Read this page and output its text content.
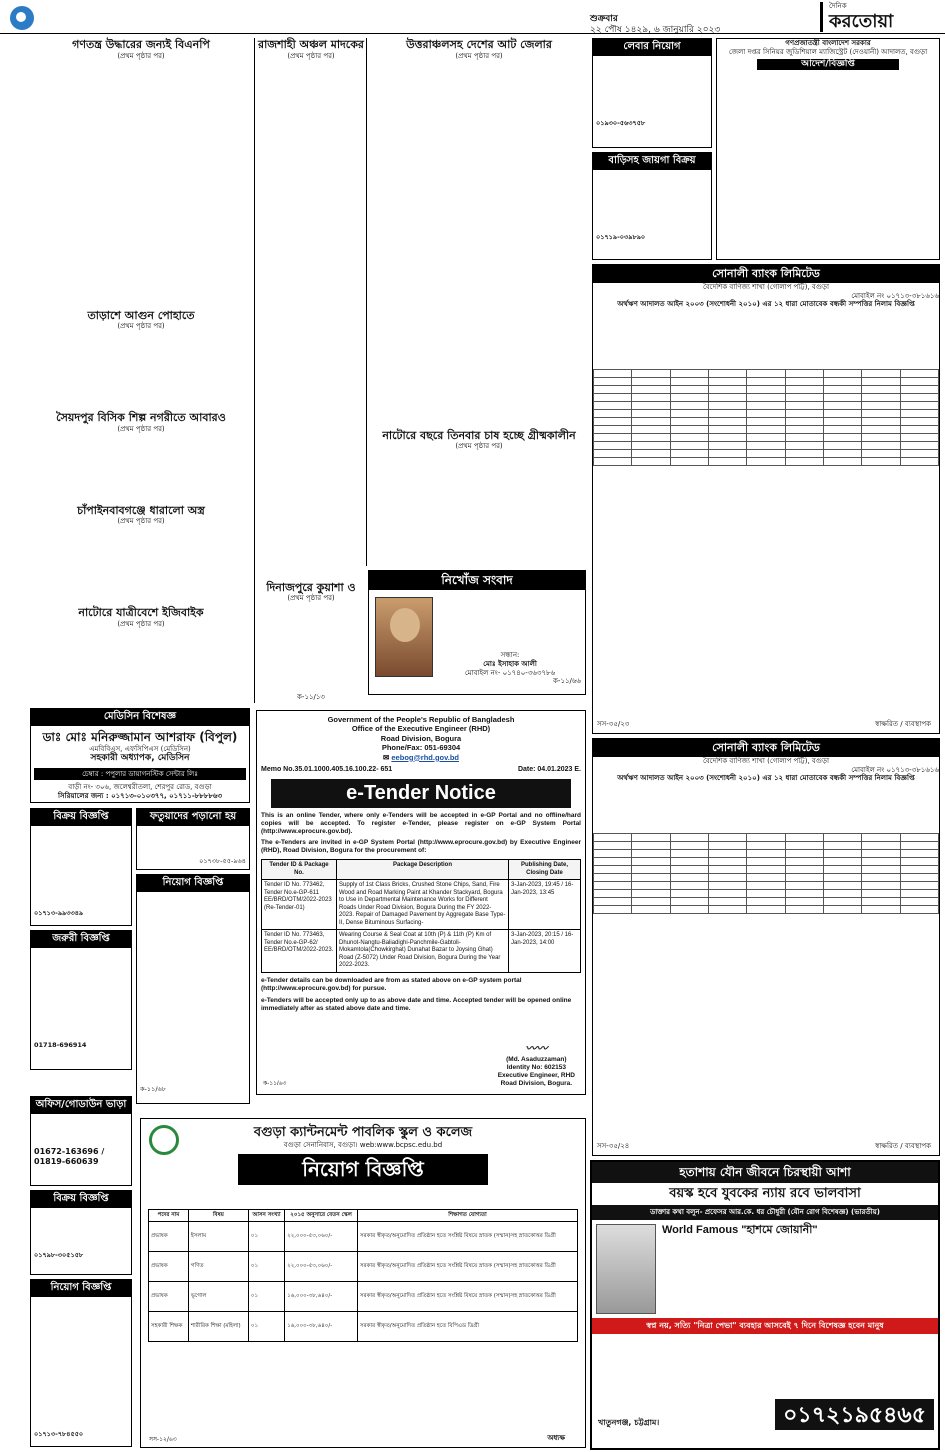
শুক্রবার
২২ পৌষ ১৪২৯, ৬ জানুয়ারি ২০২৩
দৈনিক
করতোয়া
গণতন্ত্র উদ্ধারের জন্যই বিএনপি
(প্রথম পৃষ্ঠার পর)
তাড়াশে আগুন পোহাতে
(প্রথম পৃষ্ঠার পর)
সৈয়দপুর বিসিক শিল্প নগরীতে আবারও
(প্রথম পৃষ্ঠার পর)
চাঁপাইনবাবগঞ্জে ধারালো অস্ত্র
(প্রথম পৃষ্ঠার পর)
নাটোরে যাত্রীবেশে ইজিবাইক
(প্রথম পৃষ্ঠার পর)
রাজশাহী অঞ্চল মাদকের
(প্রথম পৃষ্ঠার পর)
দিনাজপুরে কুয়াশা ও
(প্রথম পৃষ্ঠার পর)
ক-১১/১৩
উত্তরাঞ্চলসহ দেশের আট জেলার
(প্রথম পৃষ্ঠার পর)
নাটোরে বছরে তিনবার চাষ হচ্ছে গ্রীষ্মকালীন
(প্রথম পৃষ্ঠার পর)
নিখোঁজ সংবাদ
সন্ধান:
মোঃ ইসাহাক আলী
মোবাইল নং- ০১৭৪০-৩৬৩৭৮৬
ক-১১/৬৬
মেডিসিন বিশেষজ্ঞ
ডাঃ মোঃ মনিরুজ্জামান আশরাফ (বিপুল)
এমবিবিএস, এফসিপিএস (মেডিসিন)
সহকারী অধ্যাপক, মেডিসিন
চেম্বার : পপুলার ডায়াগনস্টিক সেন্টার লিঃ
বাড়ী নং- ৩০৬, জলেশ্বরীতলা, শেরপুর রোড, বগুড়া
সিরিয়ালের জন্য : ০১৭১৩-০১০৩৭৭, ০১৭১১-৮৮৮৮৬৩
বিক্রয় বিজ্ঞপ্তি
০১৭১৩-৯৯৩৩৪৯
ফতুয়াদের পড়ানো হয়
০১৭৩৮-৫৫-৯৬৪
নিয়োগ বিজ্ঞপ্তি
ক-১১/৬৮
জরুরী বিজ্ঞপ্তি
01718-696914
অফিস/গোডাউন ভাড়া
01672-163696 / 01819-660639
বিক্রয় বিজ্ঞপ্তি
০১৭৯৮-৩০৫১৫৮
নিয়োগ বিজ্ঞপ্তি
০১৭১৩-৭৮৪৫৫০
লেবার নিয়োগ
০১৯৩০-৫৬৩৭৫৮
বাড়িসহ জায়গা বিক্রয়
০১৭১৯-০৩৯৮৯০
গণপ্রজাতন্ত্রী বাংলাদেশ সরকার
জেলা দপ্তর সিনিয়র জুডিশিয়াল ম্যাজিস্ট্রেট (দেওয়ানী) আদালত, বগুড়া
আদেশ/বিজ্ঞপ্তি
সোনালী ব্যাংক লিমিটেড
বৈদেশিক বাণিজ্য শাখা (গোলাপ পট্টি), বগুড়া
মোবাইল নং ০১৭১৩-৩৮১৬১৬
অর্থঋণ আদালত আইন ২০০৩ (সংশোধনী ২০১০) এর ১২ ধারা মোতাবেক বন্ধকী সম্পত্তির নিলাম বিজ্ঞপ্তি

স্বাক্ষরিত / ব্যবস্থাপক
সস-৩৫/২৩
সোনালী ব্যাংক লিমিটেড
বৈদেশিক বাণিজ্য শাখা (গোলাপ পট্টি), বগুড়া
মোবাইল নং ০১৭১৩-৩৮১৬১৬
অর্থঋণ আদালত আইন ২০০৩ (সংশোধনী ২০১০) এর ১২ ধারা মোতাবেক বন্ধকী সম্পত্তির নিলাম বিজ্ঞপ্তি

স্বাক্ষরিত / ব্যবস্থাপক
সস-৩৫/২৪
Government of the People's Republic of Bangladesh
Office of the Executive Engineer (RHD)
Road Division, Bogura
Phone/Fax: 051-69304
✉ eebog@rhd.gov.bd
Memo No.35.01.1000.405.16.100.22- 651	Date: 04.01.2023 E.
e-Tender Notice
This is an online Tender, where only e-Tenders will be accepted in e-GP Portal and no offline/hard copies will be accepted. To register e-Tender, please register on e-GP System Portal (http://www.eprocure.gov.bd).
The e-Tenders are invited in e-GP System Portal (http://www.eprocure.gov.bd) by Executive Engineer (RHD), Road Division, Bogura for the procurement of:
Tender ID & Package No.	Package Description	Publishing Date, Closing Date
Tender ID No. 773462, Tender No.e-GP-611 EE/BRD/OTM/2022-2023 (Re-Tender-01)	Supply of 1st Class Bricks, Crushed Stone Chips, Sand, Fire Wood and Road Marking Paint at Khander Stackyard, Bogura to Use in Departmental Maintenance Works for Different Roads Under Road Division, Bogura During the FY 2022-2023. Repair of Damaged Pavement by Aggregate Base Type- II, Dense Bituminous Surfacing-	3-Jan-2023, 19:45 / 16-Jan-2023, 13:45
Tender ID No. 773463, Tender No.e-GP-62/ EE/BRD/OTM/2022-2023.	Wearing Course & Seal Coat at 10th (P) & 11th (P) Km of Dhunot-Nangtu-Baliadighi-Panchmile-Gabtoli-Mokamtola(Chowkirghat) Dunahat Bazar to Joysing Ghat) Road (Z-5072) Under Road Division, Bogura During the Year 2022-2023.	3-Jan-2023, 20:15 / 16-Jan-2023, 14:00
e-Tender details can be downloaded are from as stated above on e-GP system portal (http://www.eprocure.gov.bd) for pursue.
e-Tenders will be accepted only up to as above date and time. Accepted tender will be opened online immediately after as stated above date and time.
〰〰
(Md. Asaduzzaman)
Identity No: 602153
Executive Engineer, RHD
Road Division, Bogura.
ক-১১/৬৩
বগুড়া ক্যান্টনমেন্ট পাবলিক স্কুল ও কলেজ
বগুড়া সেনানিবাস, বগুড়া। web:www.bcpsc.edu.bd
নিয়োগ বিজ্ঞপ্তি
পদের নাম	বিষয়	আসন সংখ্যা	২০১৫ অনুসারে বেতন স্কেল	শিক্ষাগত যোগ্যতা
প্রভাষক	ইসলাম	০১	২২,০০০-৫৩,০৬০/-	সরকার স্বীকৃত/অনুমোদিত প্রতিষ্ঠান হতে সংশ্লিষ্ট বিষয়ে স্নাতক (সম্মান)সহ স্নাতকোত্তর ডিগ্রী
প্রভাষক	গণিত	০১	২২,০০০-৫৩,০৬০/-	সরকার স্বীকৃত/অনুমোদিত প্রতিষ্ঠান হতে সংশ্লিষ্ট বিষয়ে স্নাতক (সম্মান)সহ স্নাতকোত্তর ডিগ্রী
প্রভাষক	ভূগোল	০১	১৬,০০০-৩৮,৬৪০/-	সরকার স্বীকৃত/অনুমোদিত প্রতিষ্ঠান হতে সংশ্লিষ্ট বিষয়ে স্নাতক (সম্মান)সহ স্নাতকোত্তর ডিগ্রী
সহকারী শিক্ষক	শারীরিক শিক্ষা (মহিলা)	০১	১৬,০০০-৩৮,৬৪০/-	সরকার স্বীকৃত/অনুমোদিত প্রতিষ্ঠান হতে বিপিএড ডিগ্রী
সস-১২/৬৩	অধ্যক্ষ
হতাশায় যৌন জীবনে চিরস্থায়ী আশা
বয়স্ক হবে যুবকের ন্যায় রবে ভালবাসা
ডাক্তার কথা বলুন- প্রফেসর আর.কে. ধর চৌধুরী (যৌন রোগ বিশেষজ্ঞ) (ভারতীয়)
World Famous "হাশমে জোয়ানী"
স্বপ্ন নয়, সত্যি "নিত্রা পেভা" ব্যবহার আসবেই ৭ দিনে বিশেষজ্ঞ হবেন মানুষ
খাতুনগঞ্জ, চট্টগ্রাম।	০১৭২১৯৫৪৬৫
